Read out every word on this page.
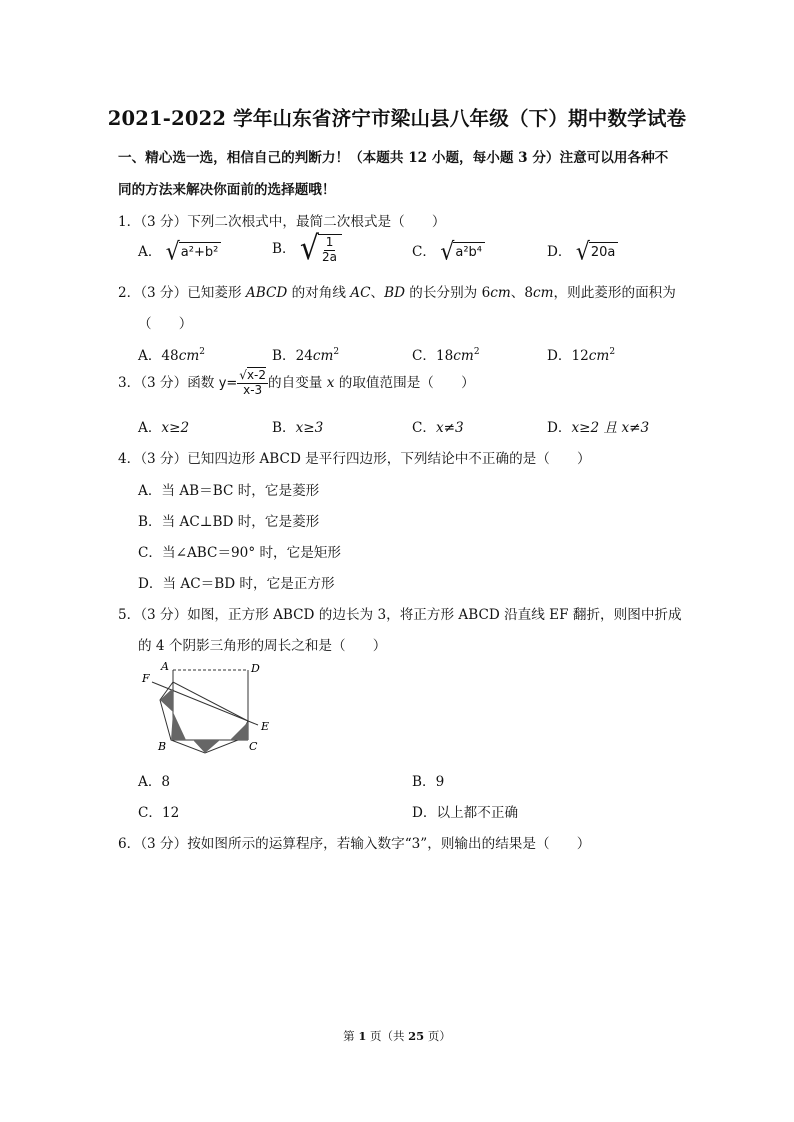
2021-2022 学年山东省济宁市梁山县八年级（下）期中数学试卷
一、精心选一选，相信自己的判断力！（本题共 12 小题，每小题 3 分）注意可以用各种不
同的方法来解决你面前的选择题哦！
1．（3 分）下列二次根式中，最简二次根式是（　　）
A． √ a²+b²	B． √ $\frac{1}{2a}$	C． √ a²b⁴	D． √ 20a
2．（3 分）已知菱形 ABCD 的对角线 AC、BD 的长分别为 6cm、8cm，则此菱形的面积为
（　　）
A．$48cm^2$	B．$24cm^2$	C．$18cm^2$	D．$12cm^2$
3．（3 分）函数 $y= \frac{√x-2}{x-3}$ 的自变量 x 的取值范围是（　　）
A．x≥2	B．x≥3	C．x≠3	D．x≥2 且 x≠3
4．（3 分）已知四边形 ABCD 是平行四边形，下列结论中不正确的是（　　）
A．当 AB＝BC 时，它是菱形
B．当 AC⊥BD 时，它是菱形
C．当∠ABC＝90° 时，它是矩形
D．当 AC＝BD 时，它是正方形
5．（3 分）如图，正方形 ABCD 的边长为 3，将正方形 ABCD 沿直线 EF 翻折，则图中折成
的 4 个阴影三角形的周长之和是（　　）
A	D
F
E
B	C
A．8	B．9
C．12	D．以上都不正确
6．（3 分）按如图所示的运算程序，若输入数字“3”，则输出的结果是（　　）
第 1 页（共 25 页）
